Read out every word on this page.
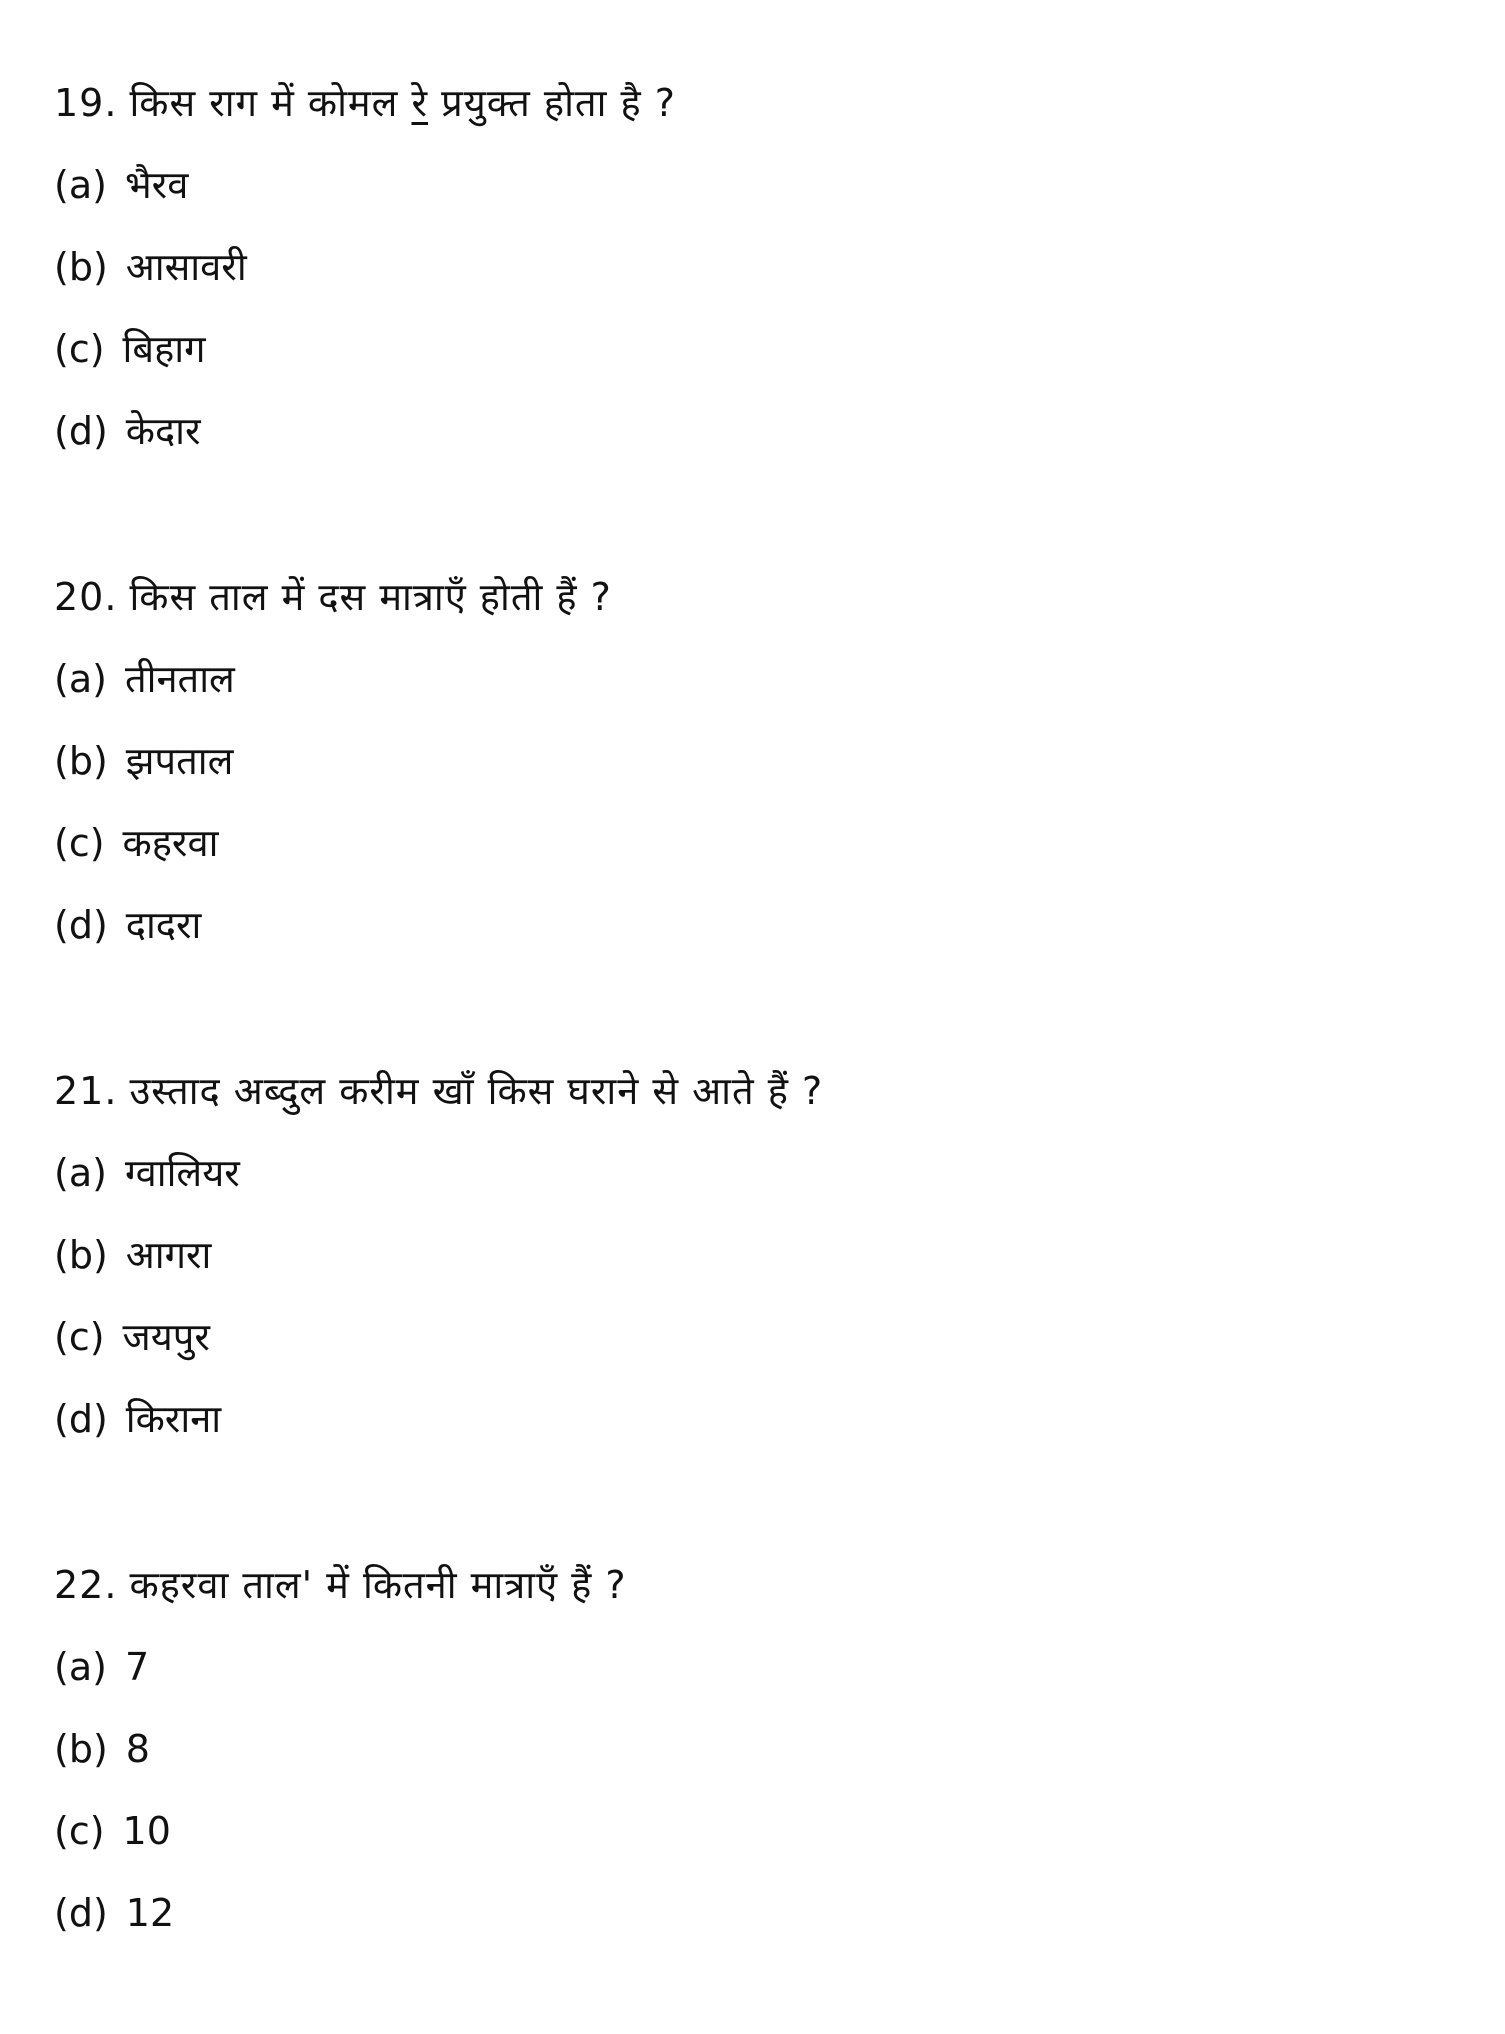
19. किस राग में कोमल रे प्रयुक्त होता है ?
(a) भैरव
(b) आसावरी
(c) बिहाग
(d) केदार
20. किस ताल में दस मात्राएँ होती हैं ?
(a) तीनताल
(b) झपताल
(c) कहरवा
(d) दादरा
21. उस्ताद अब्दुल करीम खाँ किस घराने से आते हैं ?
(a) ग्वालियर
(b) आगरा
(c) जयपुर
(d) किराना
22. कहरवा ताल' में कितनी मात्राएँ हैं ?
(a) 7
(b) 8
(c) 10
(d) 12
